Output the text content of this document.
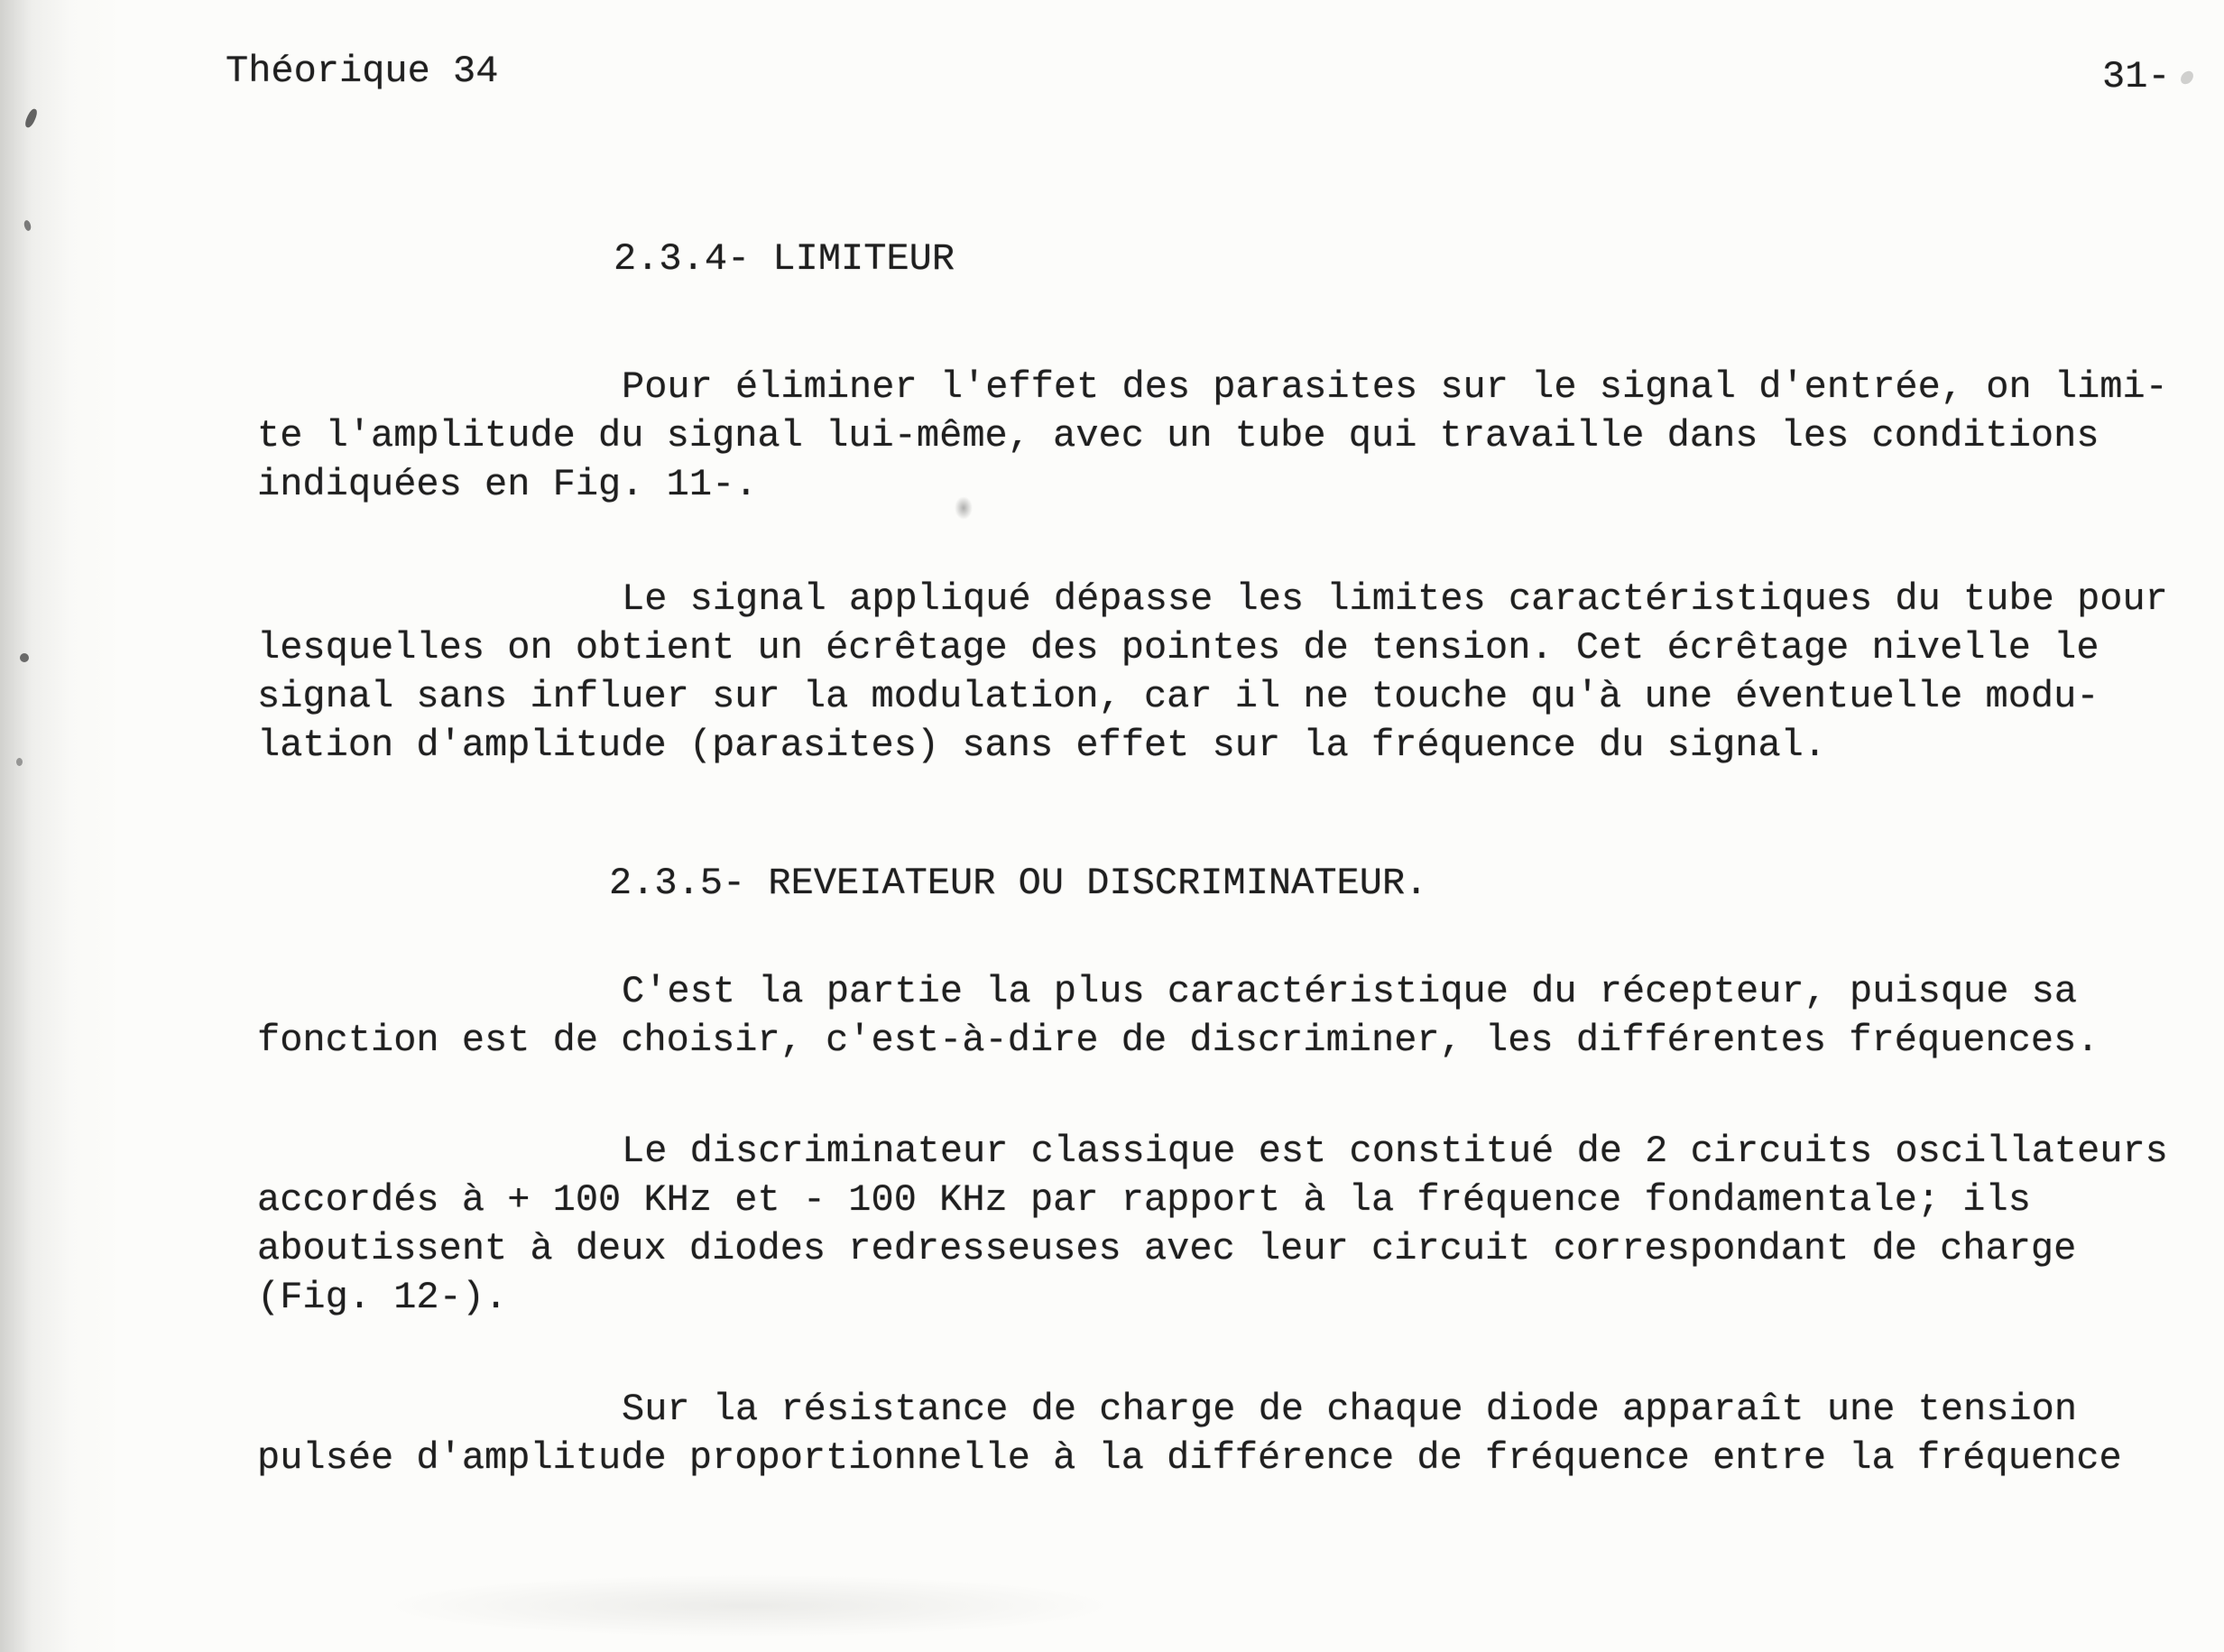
Théorique 34	31-
2.3.4- LIMITEUR
Pour éliminer l'effet des parasites sur le signal d'entrée, on limi-
te l'amplitude du signal lui-même, avec un tube qui travaille dans les conditions
indiquées en Fig. 11-.
Le signal appliqué dépasse les limites caractéristiques du tube pour
lesquelles on obtient un écrêtage des pointes de tension. Cet écrêtage nivelle le
signal sans influer sur la modulation, car il ne touche qu'à une éventuelle modu-
lation d'amplitude (parasites) sans effet sur la fréquence du signal.
2.3.5- REVEIATEUR OU DISCRIMINATEUR.
C'est la partie la plus caractéristique du récepteur, puisque sa
fonction est de choisir, c'est-à-dire de discriminer, les différentes fréquences.
Le discriminateur classique est constitué de 2 circuits oscillateurs
accordés à + 100 KHz et - 100 KHz par rapport à la fréquence fondamentale; ils
aboutissent à deux diodes redresseuses avec leur circuit correspondant de charge
(Fig. 12-).
Sur la résistance de charge de chaque diode apparaît une tension
pulsée d'amplitude proportionnelle à la différence de fréquence entre la fréquence
